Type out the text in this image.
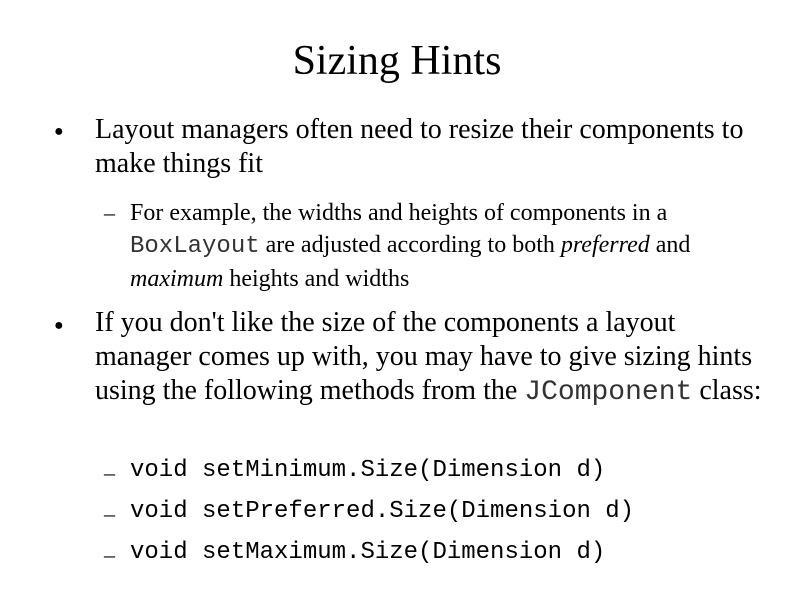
Sizing Hints
● Layout managers often need to resize their components to make things fit
– For example, the widths and heights of components in a BoxLayout are adjusted according to both preferred and maximum heights and widths
● If you don't like the size of the components a layout manager comes up with, you may have to give sizing hints using the following methods from the JComponent class:
– void setMinimum.Size(Dimension d)
– void setPreferred.Size(Dimension d)
– void setMaximum.Size(Dimension d)
